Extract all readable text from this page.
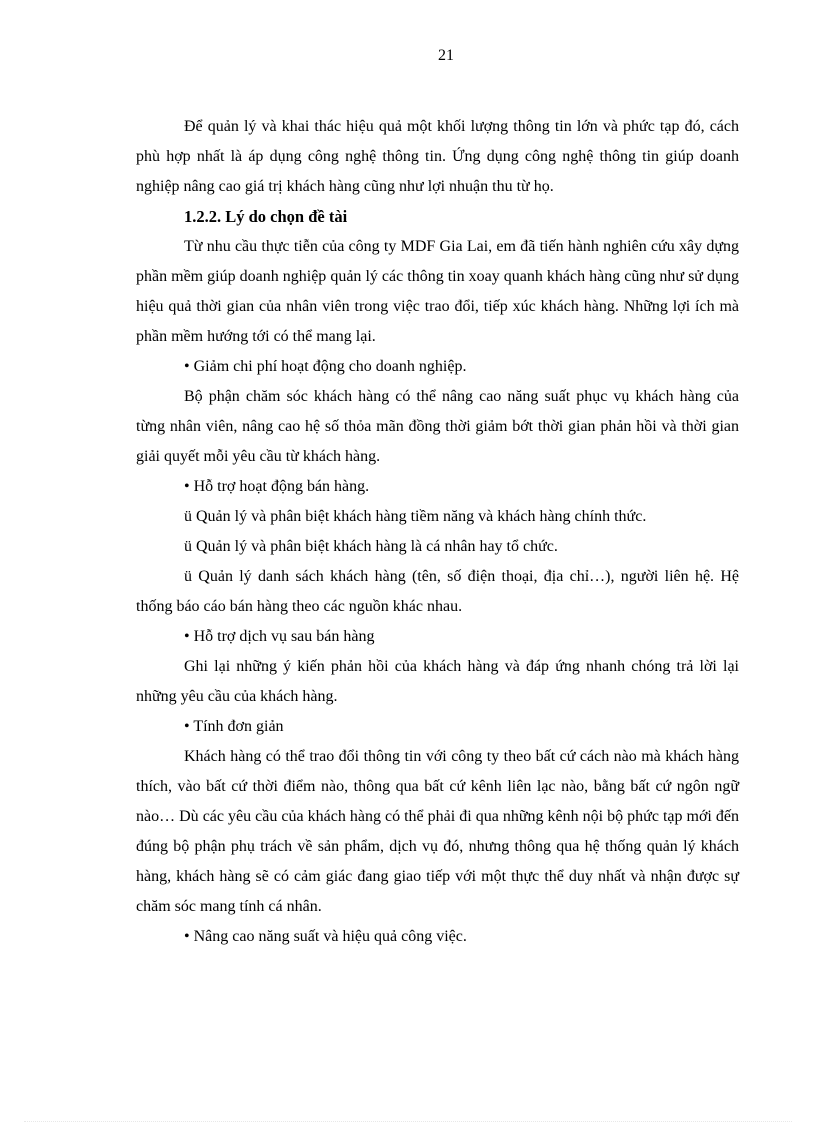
21

Để quản lý và khai thác hiệu quả một khối lượng thông tin lớn và phức tạp đó, cách phù hợp nhất là áp dụng công nghệ thông tin. Ứng dụng công nghệ thông tin giúp doanh nghiệp nâng cao giá trị khách hàng cũng như lợi nhuận thu từ họ.

1.2.2. Lý do chọn đề tài

Từ nhu cầu thực tiễn của công ty MDF Gia Lai, em đã tiến hành nghiên cứu xây dựng phần mềm giúp doanh nghiệp quản lý các thông tin xoay quanh khách hàng cũng như sử dụng hiệu quả thời gian của nhân viên trong việc trao đổi, tiếp xúc khách hàng. Những lợi ích mà phần mềm hướng tới có thể mang lại.

• Giảm chi phí hoạt động cho doanh nghiệp.

Bộ phận chăm sóc khách hàng có thể nâng cao năng suất phục vụ khách hàng của từng nhân viên, nâng cao hệ số thỏa mãn đồng thời giảm bớt thời gian phản hồi và thời gian giải quyết mỗi yêu cầu từ khách hàng.

• Hỗ trợ hoạt động bán hàng.

ü Quản lý và phân biệt khách hàng tiềm năng và khách hàng chính thức.

ü Quản lý và phân biệt khách hàng là cá nhân hay tổ chức.

ü Quản lý danh sách khách hàng (tên, số điện thoại, địa chỉ…), người liên hệ. Hệ thống báo cáo bán hàng theo các nguồn khác nhau.

• Hỗ trợ dịch vụ sau bán hàng

Ghi lại những ý kiến phản hồi của khách hàng và đáp ứng nhanh chóng trả lời lại những yêu cầu của khách hàng.

• Tính đơn giản

Khách hàng có thể trao đổi thông tin với công ty theo bất cứ cách nào mà khách hàng thích, vào bất cứ thời điểm nào, thông qua bất cứ kênh liên lạc nào, bằng bất cứ ngôn ngữ nào… Dù các yêu cầu của khách hàng có thể phải đi qua những kênh nội bộ phức tạp mới đến đúng bộ phận phụ trách về sản phẩm, dịch vụ đó, nhưng thông qua hệ thống quản lý khách hàng, khách hàng sẽ có cảm giác đang giao tiếp với một thực thể duy nhất và nhận được sự chăm sóc mang tính cá nhân.

• Nâng cao năng suất và hiệu quả công việc.
